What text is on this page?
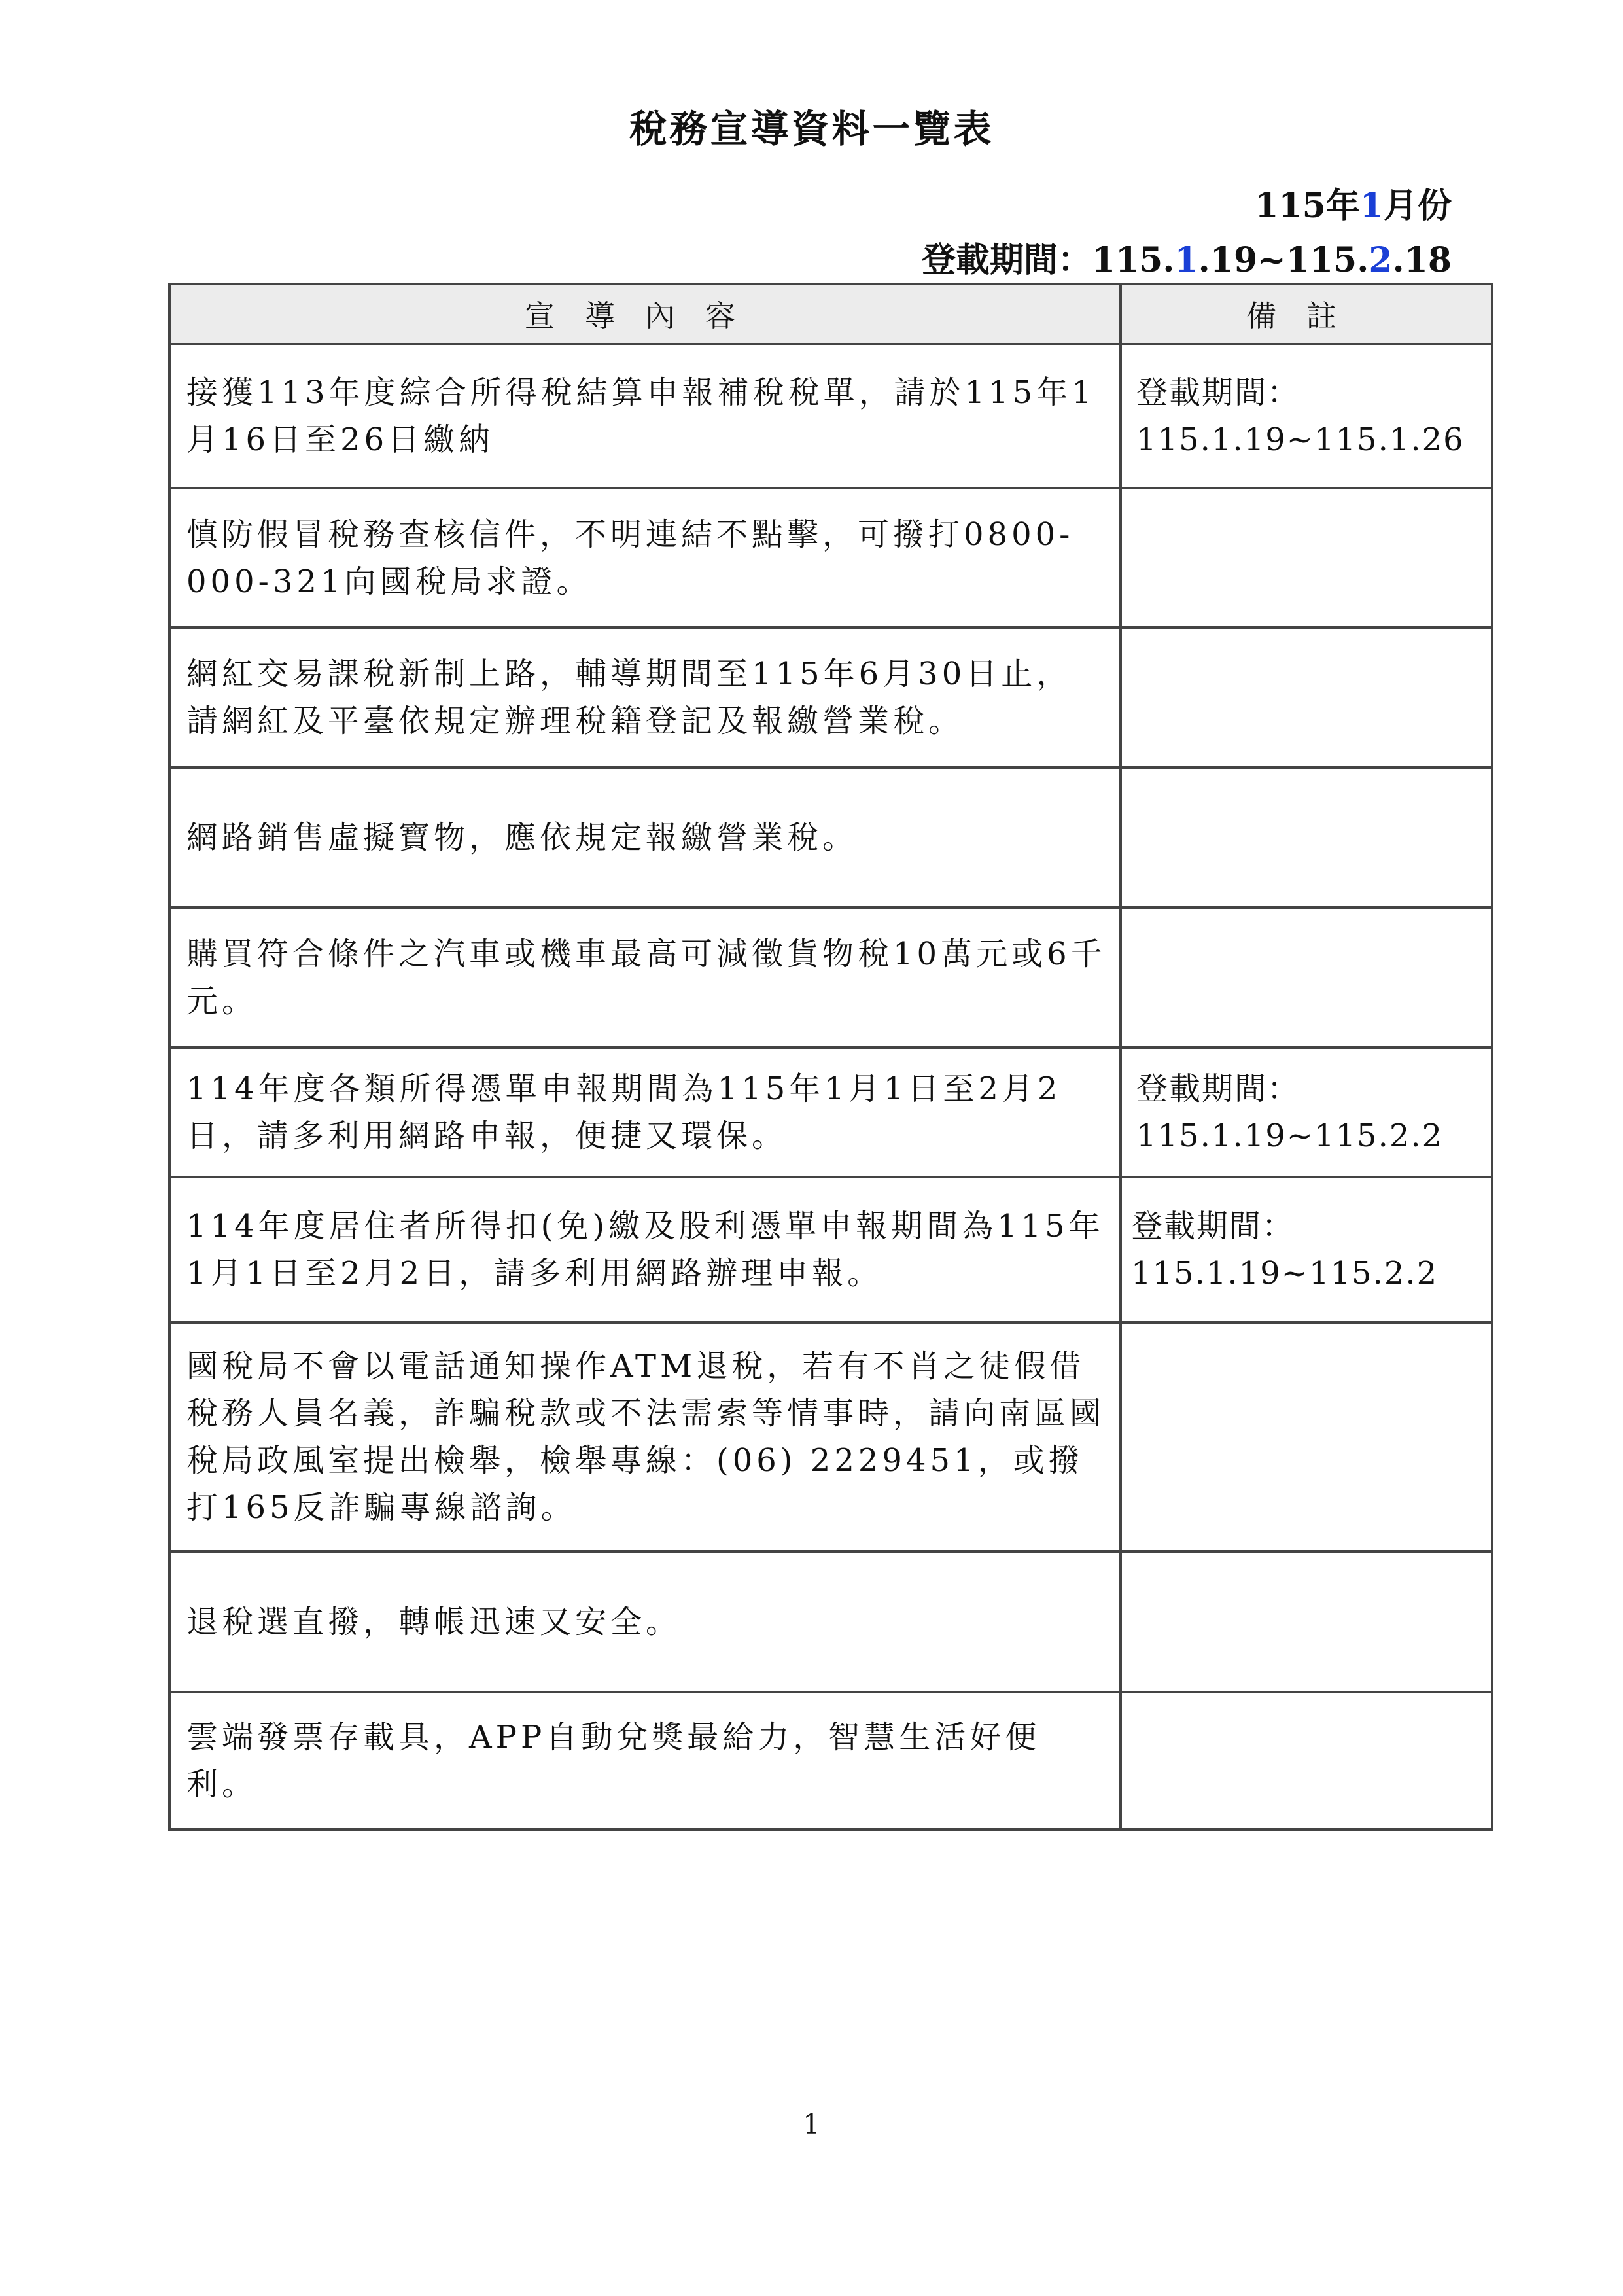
稅務宣導資料一覽表
115年1月份
登載期間：115.1.19~115.2.18
宣導內容	備註
接獲113年度綜合所得稅結算申報補稅稅單，請於115年1月16日至26日繳納	登載期間：
115.1.19~115.1.26

慎防假冒稅務查核信件，不明連結不點擊，可撥打0800-000-321向國稅局求證。	

網紅交易課稅新制上路，輔導期間至115年6月30日止，請網紅及平臺依規定辦理稅籍登記及報繳營業稅。	

網路銷售虛擬寶物，應依規定報繳營業稅。	

購買符合條件之汽車或機車最高可減徵貨物稅10萬元或6千元。	

114年度各類所得憑單申報期間為115年1月1日至2月2日，請多利用網路申報，便捷又環保。	登載期間：
115.1.19~115.2.2

114年度居住者所得扣(免)繳及股利憑單申報期間為115年1月1日至2月2日，請多利用網路辦理申報。	登載期間：
115.1.19~115.2.2

國稅局不會以電話通知操作ATM退稅，若有不肖之徒假借稅務人員名義，詐騙稅款或不法需索等情事時，請向南區國稅局政風室提出檢舉，檢舉專線：(06) 2229451，或撥打165反詐騙專線諮詢。	

退稅選直撥，轉帳迅速又安全。	

雲端發票存載具，APP自動兌獎最給力，智慧生活好便利。	
1
